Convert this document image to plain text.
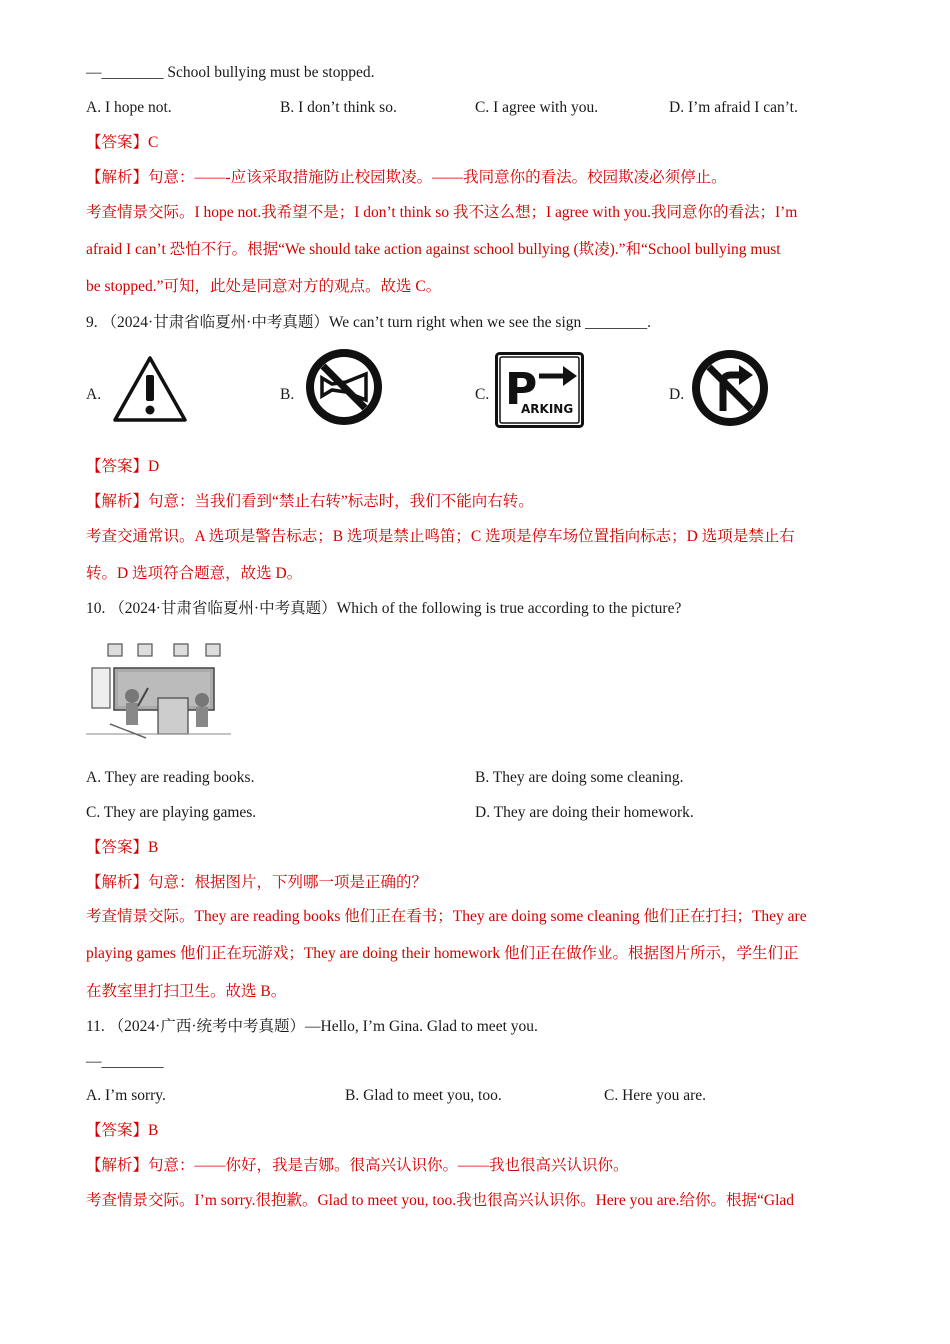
—________ School bullying must be stopped.
A. I hope not.	B. I don’t think so.	C. I agree with you.	D. I’m afraid I can’t.
【答案】C
【解析】句意：——-应该采取措施防止校园欺凌。——我同意你的看法。校园欺凌必须停止。
考查情景交际。I hope not.我希望不是；I don’t think so 我不这么想；I agree with you.我同意你的看法；I’m
afraid I can’t 恐怕不行。根据“We should take action against school bullying (欺凌).”和“School bullying must
be stopped.”可知，此处是同意对方的观点。故选 C。
9. （2024·甘肃省临夏州·中考真题）We can’t turn right when we see the sign ________.
A.	B.	C.	D.
P
ARKING
【答案】D
【解析】句意：当我们看到“禁止右转”标志时，我们不能向右转。
考查交通常识。A 选项是警告标志；B 选项是禁止鸣笛；C 选项是停车场位置指向标志；D 选项是禁止右
转。D 选项符合题意，故选 D。
10. （2024·甘肃省临夏州·中考真题）Which of the following is true according to the picture?
A. They are reading books.	B. They are doing some cleaning.
C. They are playing games.	D. They are doing their homework.
【答案】B
【解析】句意：根据图片，下列哪一项是正确的？
考查情景交际。They are reading books 他们正在看书；They are doing some cleaning 他们正在打扫；They are
playing games 他们正在玩游戏；They are doing their homework 他们正在做作业。根据图片所示，学生们正
在教室里打扫卫生。故选 B。
11. （2024·广西·统考中考真题）—Hello, I’m Gina. Glad to meet you.
—________
A. I’m sorry.	B. Glad to meet you, too.	C. Here you are.
【答案】B
【解析】句意：——你好，我是吉娜。很高兴认识你。——我也很高兴认识你。
考查情景交际。I’m sorry.很抱歉。Glad to meet you, too.我也很高兴认识你。Here you are.给你。根据“Glad
